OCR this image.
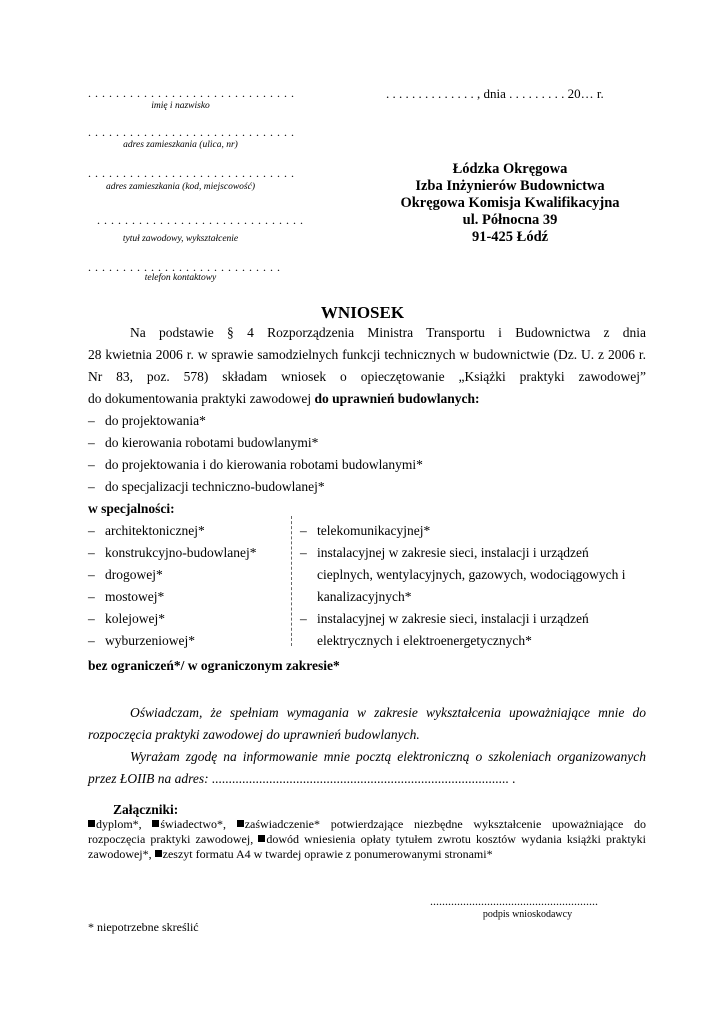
. . . . . . . . . . . . . . . . . . . . . . . . . . . . . .
imię i nazwisko
. . . . . . . . . . . . . . . . . . . . . . . . . . . . . .
adres zamieszkania (ulica, nr)
. . . . . . . . . . . . . . . . . . . . . . . . . . . . . .
adres zamieszkania (kod, miejscowość)
. . . . . . . . . . . . . . . . . . . . . . . . . . . . . .
tytuł zawodowy, wykształcenie
. . . . . . . . . . . . . . . . . . . . . . . . . . . .
telefon kontaktowy
. . . . . . . . . . . . . . , dnia . . . . . . . . . 20… r.
Łódzka Okręgowa
Izba Inżynierów Budownictwa
Okręgowa Komisja Kwalifikacyjna
ul. Północna 39
91-425 Łódź
WNIOSEK
Na podstawie § 4 Rozporządzenia Ministra Transportu i Budownictwa z dnia
28 kwietnia 2006 r. w sprawie samodzielnych funkcji technicznych w budownictwie (Dz. U. z 2006 r.
Nr 83, poz. 578) składam wniosek o opieczętowanie „Książki praktyki zawodowej”
do dokumentowania praktyki zawodowej do uprawnień budowlanych:
– do projektowania*
– do kierowania robotami budowlanymi*
– do projektowania i do kierowania robotami budowlanymi*
– do specjalizacji techniczno-budowlanej*
w specjalności:
– architektonicznej*
– konstrukcyjno-budowlanej*
– drogowej*
– mostowej*
– kolejowej*
– wyburzeniowej*
– telekomunikacyjnej*
– instalacyjnej w zakresie sieci, instalacji i urządzeń
cieplnych, wentylacyjnych, gazowych, wodociągowych i
kanalizacyjnych*
– instalacyjnej w zakresie sieci, instalacji i urządzeń
elektrycznych i elektroenergetycznych*
bez ograniczeń*/ w ograniczonym zakresie*
Oświadczam, że spełniam wymagania w zakresie wykształcenia upoważniające mnie do
rozpoczęcia praktyki zawodowej do uprawnień budowlanych.
Wyrażam zgodę na informowanie mnie pocztą elektroniczną o szkoleniach organizowanych
przez ŁOIIB na adres: ........................................................................................ .
Załączniki:
dyplom*, świadectwo*, zaświadczenie* potwierdzające niezbędne wykształcenie upoważniające do
rozpoczęcia praktyki zawodowej, dowód wniesienia opłaty tytułem zwrotu kosztów wydania książki praktyki
zawodowej*, zeszyt formatu A4 w twardej oprawie z ponumerowanymi stronami*
........................................................
podpis wnioskodawcy
* niepotrzebne skreślić
